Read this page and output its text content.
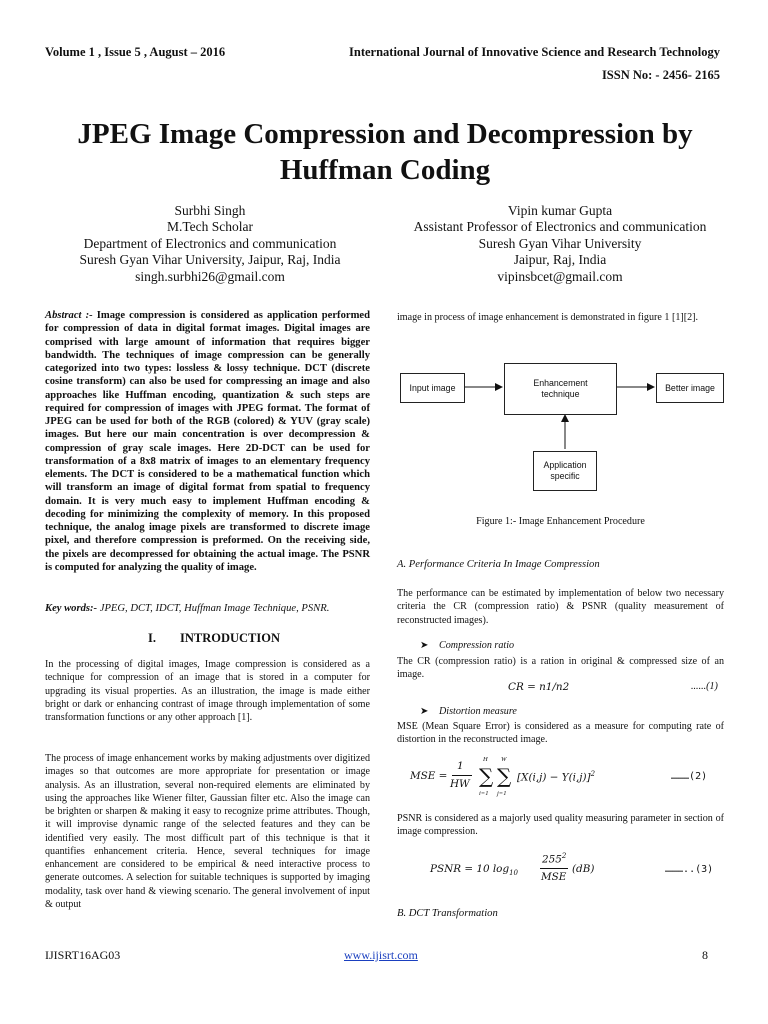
Volume 1 , Issue 5 , August – 2016	International Journal of Innovative Science and Research Technology
ISSN No: - 2456- 2165
JPEG Image Compression and Decompression by
Huffman Coding
Surbhi Singh
M.Tech Scholar
Department of Electronics and communication
Suresh Gyan Vihar University, Jaipur, Raj, India
singh.surbhi26@gmail.com
Vipin kumar Gupta
Assistant Professor of Electronics and communication
Suresh Gyan Vihar University
Jaipur, Raj, India
vipinsbcet@gmail.com
Abstract :- Image compression is considered as application performed for compression of data in digital format images. Digital images are comprised with large amount of information that requires bigger bandwidth. The techniques of image compression can be generally categorized into two types: lossless & lossy technique. DCT (discrete cosine transform) can also be used for compressing an image and also approaches like Huffman encoding, quantization & such steps are required for compression of images with JPEG format. The format of JPEG can be used for both of the RGB (colored) & YUV (gray scale) images. But here our main concentration is over decompression & compression of gray scale images. Here 2D-DCT can be used for transformation of a 8x8 matrix of images to an elementary frequency elements. The DCT is considered to be a mathematical function which will transform an image of digital format from spatial to frequency domain. It is very much easy to implement Huffman encoding & decoding for minimizing the complexity of memory. In this proposed technique, the analog image pixels are transformed to discrete image pixel, and therefore compression is preformed. On the receiving side, the pixels are decompressed for obtaining the actual image. The PSNR is computed for analyzing the quality of image.
Key words:- JPEG, DCT, IDCT, Huffman Image Technique, PSNR.
I. INTRODUCTION
In the processing of digital images, Image compression is considered as a technique for compression of an image that is stored in a computer for upgrading its visual properties. As an illustration, the image is made either bright or dark or enhancing contrast of image through implementation of some transformation functions or any other approach [1].
The process of image enhancement works by making adjustments over digitized images so that outcomes are more appropriate for presentation or image analysis. As an illustration, several non-required elements are eliminated by using the approaches like Wiener filter, Gaussian filter etc. Also the image can be brighten or sharpen & making it easy to recognize prime attributes. Though, it will improvise dynamic range of the selected features and they can be identified very easily. The most difficult part of this technique is that it quantifies enhancement criteria. Hence, several techniques for image enhancement are considered to be empirical & need interactive process to generate outcomes. A selection for suitable techniques is supported by imaging modality, task over hand & viewing scenario. The general involvement of input & output
image in process of image enhancement is demonstrated in figure 1 [1][2].
Input image	Enhancement
technique
Better image
Application
specific
Figure 1:- Image Enhancement Procedure
A. Performance Criteria In Image Compression
The performance can be estimated by implementation of below two necessary criteria the CR (compression ratio) & PSNR (quality measurement of reconstructed images).
➤ Compression ratio
The CR (compression ratio) is a ration in original & compressed size of an image.
CR = n1/n2	......(1)
➤ Distortion measure
MSE (Mean Square Error) is considered as a measure for computing rate of distortion in the reconstructed image.
MSE =
1
HW ∑
H
i=1
∑
W
j=1
$[X(i,j) - Y(i,j)]^2$	………(2)
PSNR is considered as a majorly used quality measuring parameter in section of image compression.
PSNR = 10 $\log_{10}$
$255^2$
MSE
(dB)	………..(3)
B. DCT Transformation
IJISRT16AG03	www.ijisrt.com	8
